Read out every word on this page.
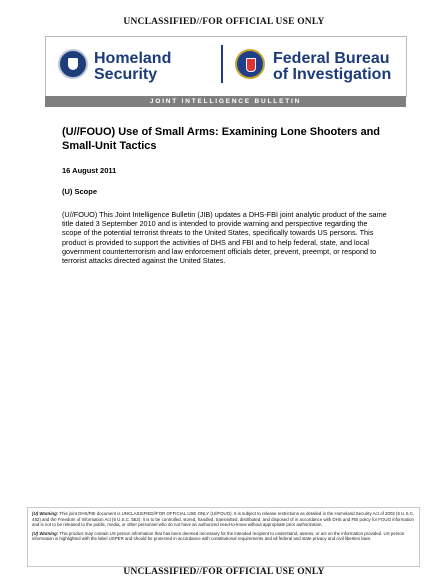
UNCLASSIFIED//FOR OFFICIAL USE ONLY
Homeland
Security
Federal Bureau
of Investigation
JOINT INTELLIGENCE BULLETIN
(U//FOUO) Use of Small Arms: Examining Lone Shooters and Small-Unit Tactics
16 August 2011
(U) Scope
(U//FOUO) This Joint Intelligence Bulletin (JIB) updates a DHS-FBI joint analytic product of the same title dated 3 September 2010 and is intended to provide warning and perspective regarding the scope of the potential terrorist threats to the United States, specifically towards US persons. This product is provided to support the activities of DHS and FBI and to help federal, state, and local government counterterrorism and law enforcement officials deter, prevent, preempt, or respond to terrorist attacks directed against the United States.

(U) Warning: This joint DHS/FBI document is UNCLASSIFIED//FOR OFFICIAL USE ONLY (U//FOUO). It is subject to release restrictions as detailed in the Homeland Security Act of 2002 (6 U.S.C. 482) and the Freedom of Information Act (5 U.S.C. 552). It is to be controlled, stored, handled, transmitted, distributed, and disposed of in accordance with DHS and FBI policy for FOUO information and is not to be released to the public, media, or other personnel who do not have an authorized need-to-know without appropriate prior authorization.

(U) Warning: This product may contain US person information that has been deemed necessary for the intended recipient to understand, assess, or act on the information provided. US person information is highlighted with the label USPER and should be protected in accordance with constitutional requirements and all federal and state privacy and civil liberties laws.

UNCLASSIFIED//FOR OFFICIAL USE ONLY
